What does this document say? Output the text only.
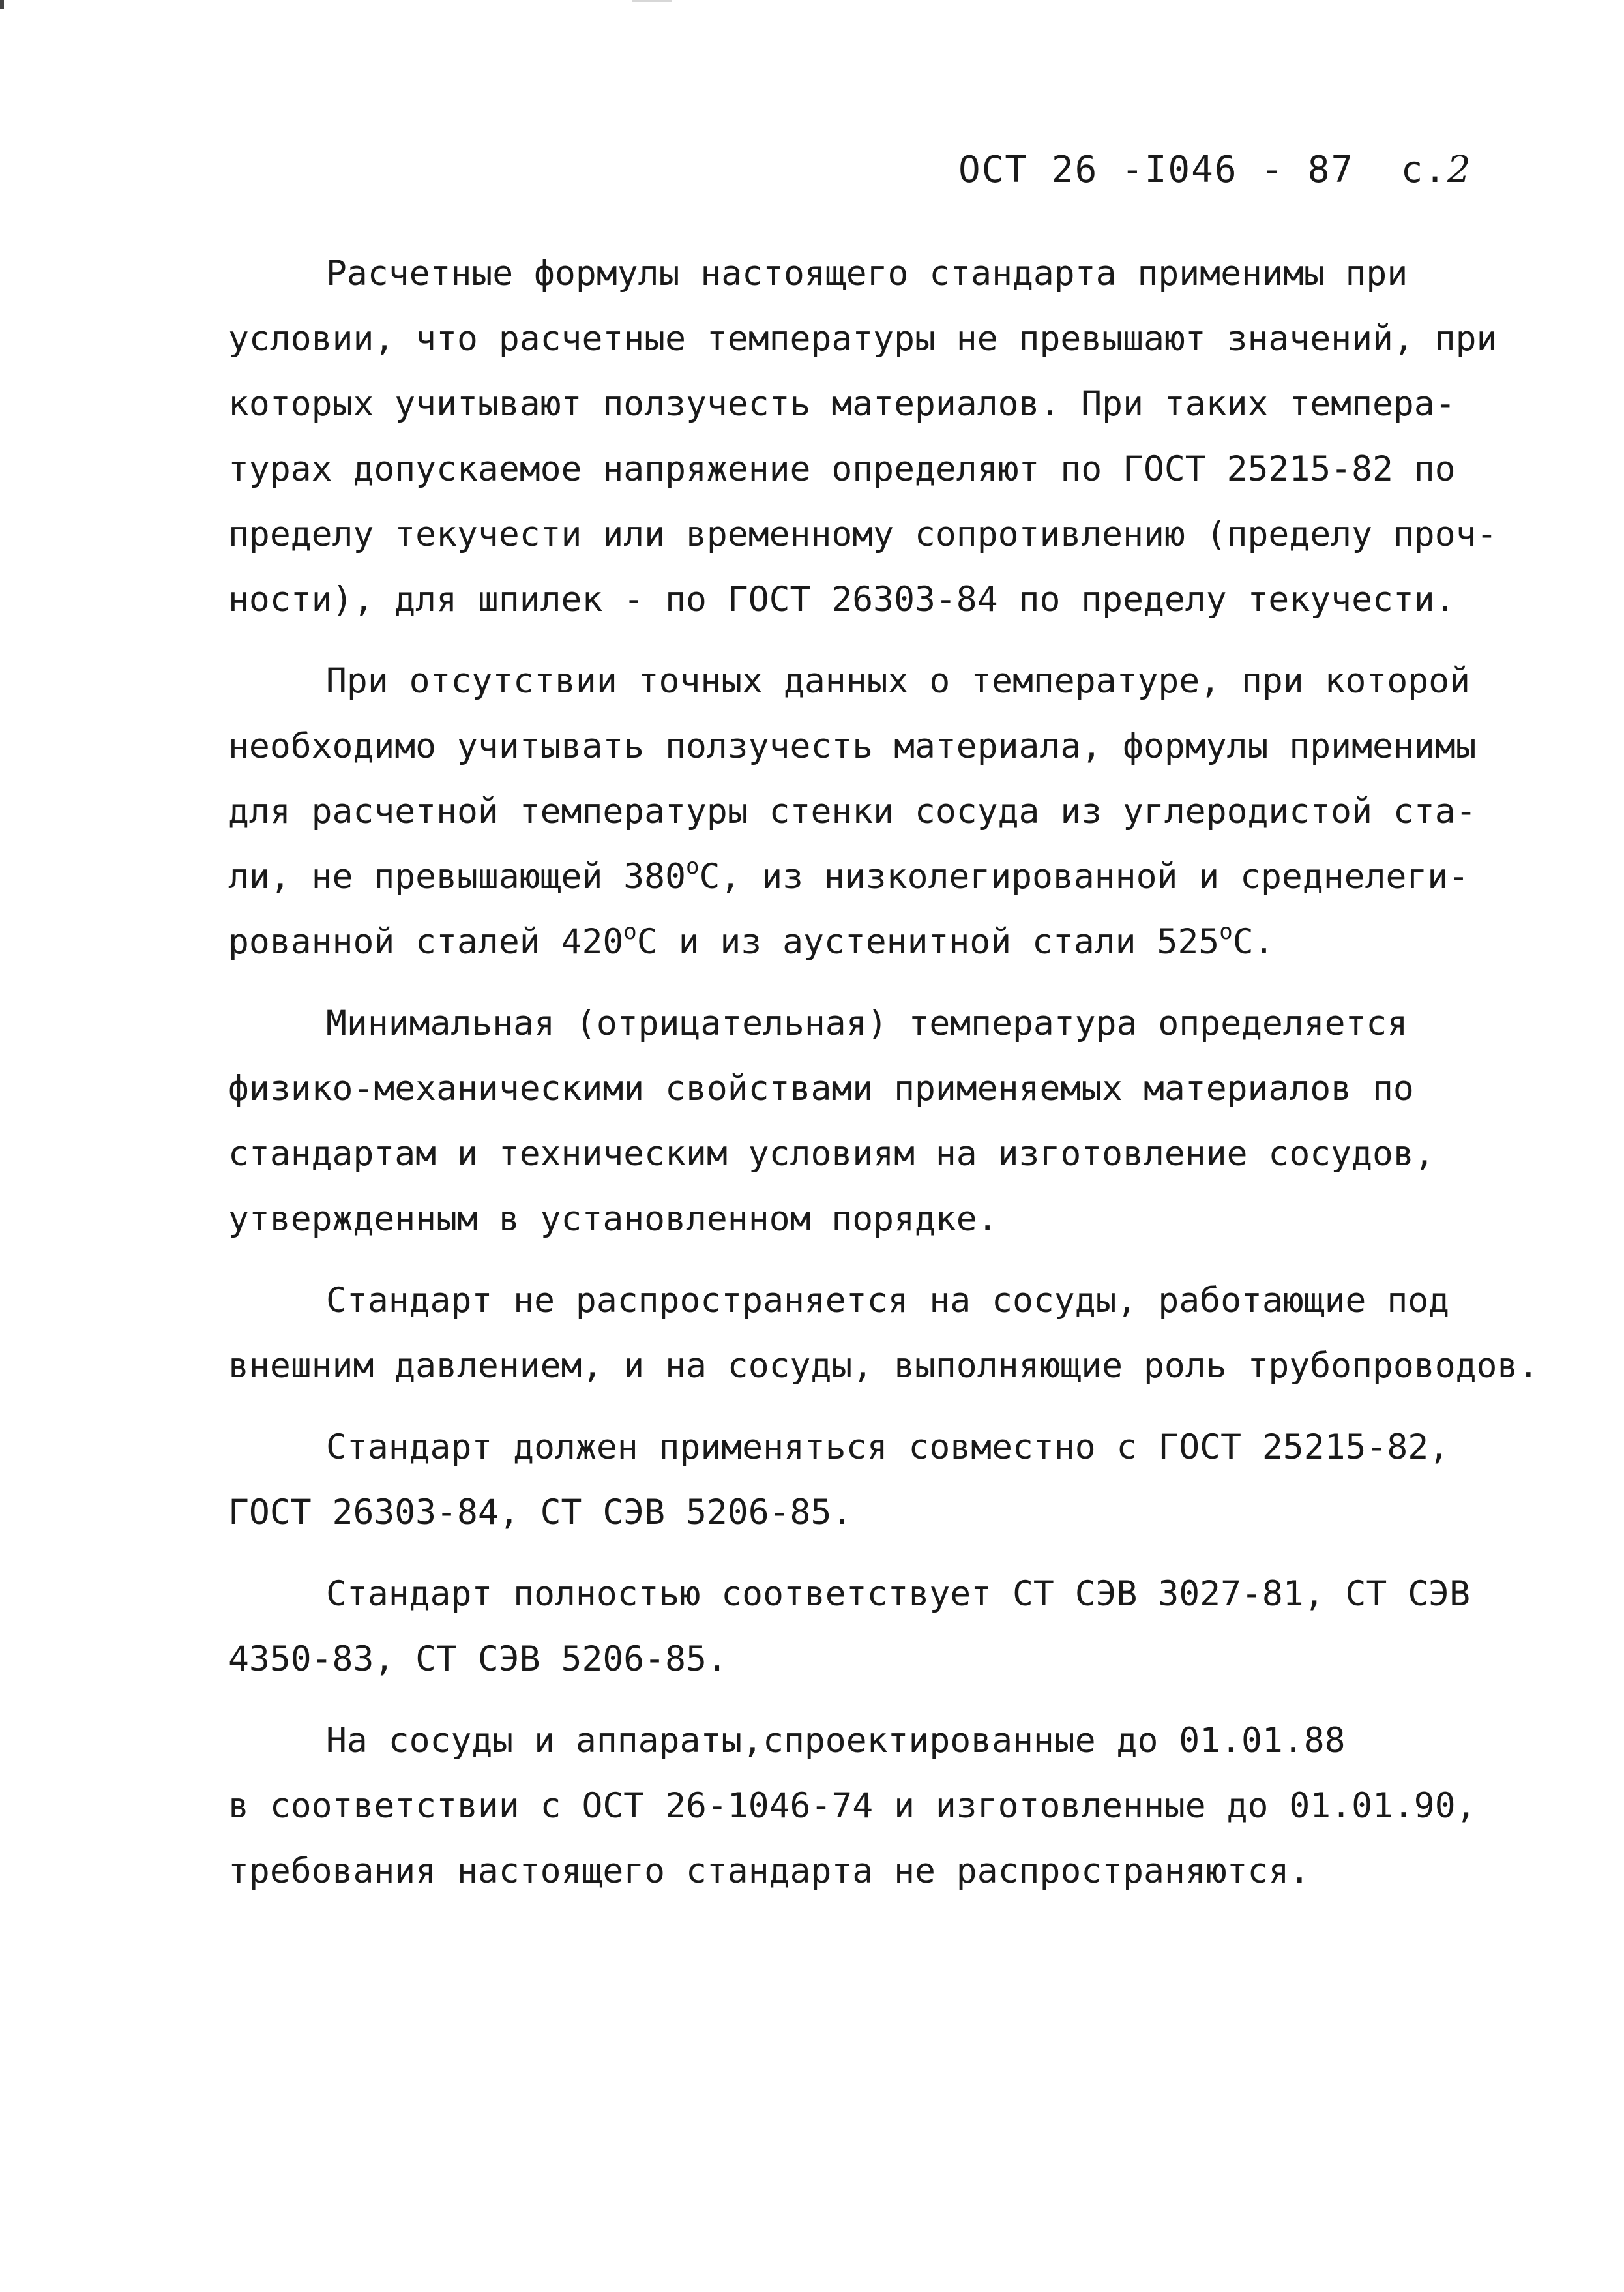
ОСТ 26 -I046 - 87 с.2
Расчетные формулы настоящего стандарта применимы при
условии, что расчетные температуры не превышают значений, при
которых учитывают ползучесть материалов. При таких темпера-
турах допускаемое напряжение определяют по ГОСТ 25215-82 по
пределу текучести или временному сопротивлению (пределу проч-
ности), для шпилек - по ГОСТ 26303-84 по пределу текучести.
При отсутствии точных данных о температуре, при которой
необходимо учитывать ползучесть материала, формулы применимы
для расчетной температуры стенки сосуда из углеродистой ста-
ли, не превышающей $380^оС$, из низколегированной и среднелеги-
рованной сталей $420^оС$ и из аустенитной стали $525^оС$.
Минимальная (отрицательная) температура определяется
физико-механическими свойствами применяемых материалов по
стандартам и техническим условиям на изготовление сосудов,
утвержденным в установленном порядке.
Стандарт не распространяется на сосуды, работающие под
внешним давлением, и на сосуды, выполняющие роль трубопроводов.
Стандарт должен применяться совместно с ГОСТ 25215-82,
ГОСТ 26303-84, СТ СЭВ 5206-85.
Стандарт полностью соответствует СТ СЭВ 3027-81, СТ СЭВ
4350-83, СТ СЭВ 5206-85.
На сосуды и аппараты,спроектированные до 01.01.88
в соответствии с ОСТ 26-1046-74 и изготовленные до 01.01.90,
требования настоящего стандарта не распространяются.
